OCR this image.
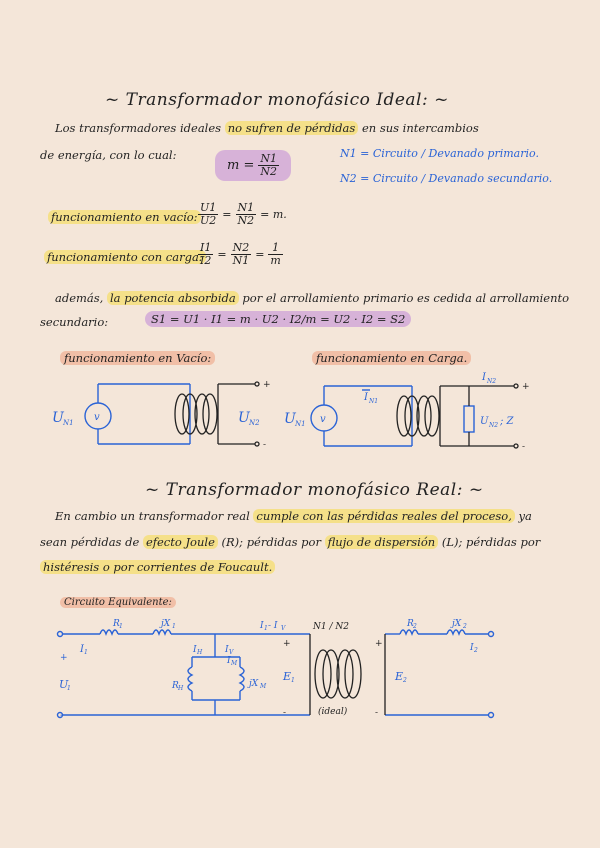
~ Transformador monofásico Ideal: ~
Los transformadores ideales no sufren de pérdidas en sus intercambios
de energía, con lo cual:
$m = \frac{N1}{N2}$	N1 = Circuito / Devanado primario.
N2 = Circuito / Devanado secundario.
funcionamiento en vacío: $\frac{U1}{U2} = \frac{N1}{N2} = m$.
funcionamiento con carga:
$\frac{I1}{I2} = \frac{N2}{N1} = \frac{1}{m}$
además, la potencia absorbida por el arrollamiento primario es cedida al arrollamiento
secundario:	S1 = U1 · I1 = m · U2 · I2/m = U2 · I2 = S2
funcionamiento en Vacío:	funcionamiento en Carga.
v
U N1	U N2
+
-
v
U N1
I N1
I N2
U N2 ; Z
+
-
~ Transformador monofásico Real: ~
En cambio un transformador real cumple con las pérdidas reales del proceso, ya
sean pérdidas de efecto Joule (R); pérdidas por flujo de dispersión (L); pérdidas por
histéresis o por corrientes de Foucault.
Circuito Equivalente:
+
-
U
1
I 1
R 1	jX 1	I 1 - I V
I H	I V
I M
R H	jX M
E 1	E 2
R 2	jX 2
I 2
+
-
+
-
N1 / N2
(ideal)
